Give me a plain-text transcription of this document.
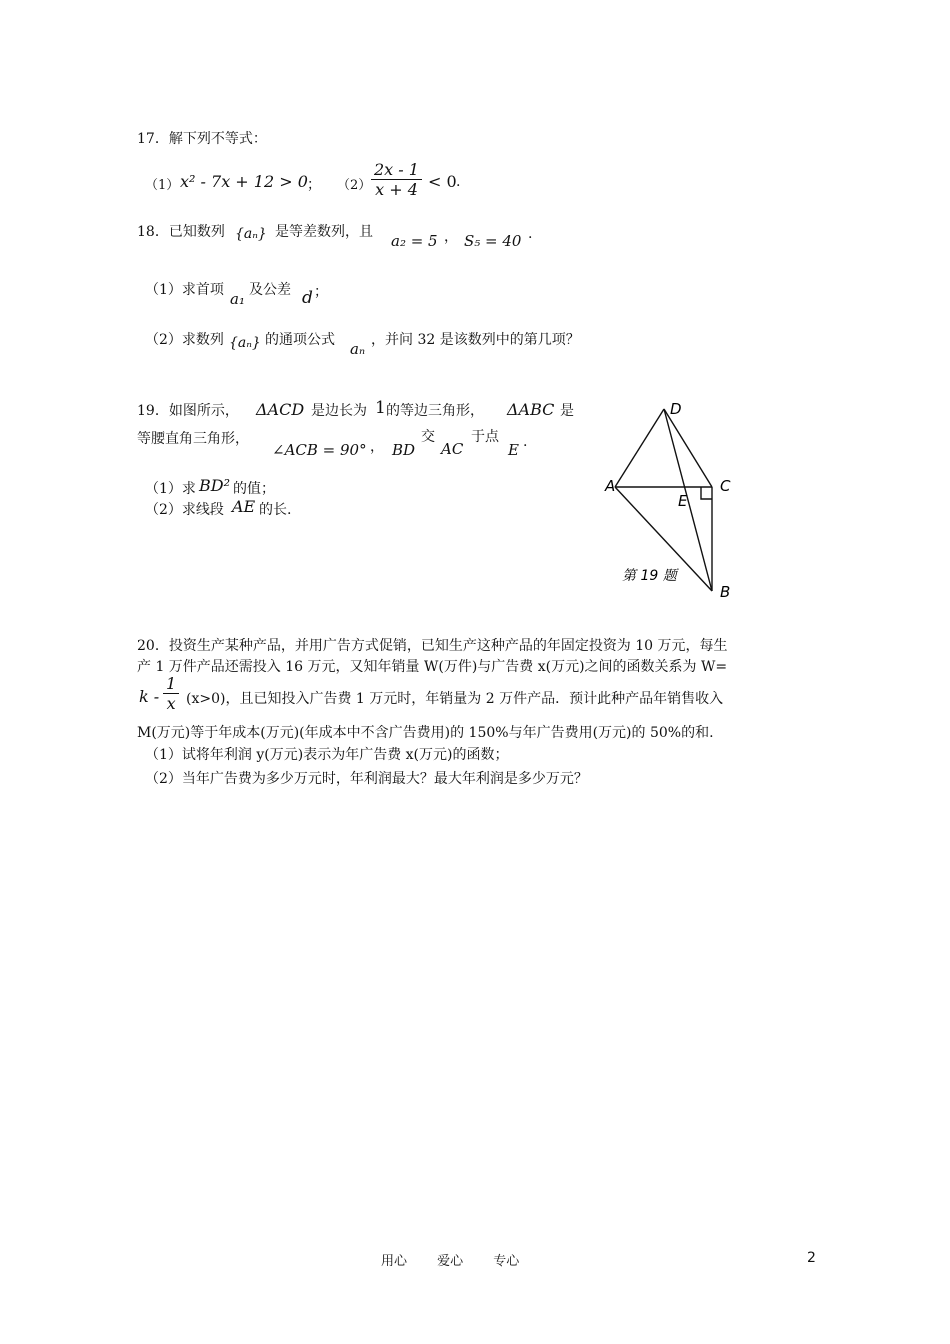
17．解下列不等式：
（1） x² - 7x + 12 > 0 ； $(2) \frac{2x - 1}{x + 4} < 0$ .
18．已知数列 {aₙ} 是等差数列，且 a₂ = 5 ， S₅ = 40 .
（1）求首项 a₁ 及公差 d ；
（2）求数列 {aₙ} 的通项公式 aₙ ，并问 32 是该数列中的第几项？
19．如图所示， ΔACD 是边长为 1 的等边三角形， ΔABC 是
等腰直角三角形，
∠ACB = 90° ， BD
交
AC
于点
E .
（1）求 BD² 的值；
（2）求线段 AE 的长.
D
A	C
E
B
第 19 题
20．投资生产某种产品，并用广告方式促销，已知生产这种产品的年固定投资为 10 万元，每生
产 1 万件产品还需投入 16 万元，又知年销量 W(万件)与广告费 x(万元)之间的函数关系为 W=
$k - \frac{1}{x} (x>0)$，且已知投入广告费 1 万元时，年销量为 2 万件产品．预计此种产品年销售收入
M(万元)等于年成本(万元)(年成本中不含广告费用)的 150%与年广告费用(万元)的 50%的和.
（1）试将年利润 y(万元)表示为年广告费 x(万元)的函数；
（2）当年广告费为多少万元时，年利润最大？最大年利润是多少万元？
用心　　 爱心　　 专心	2
